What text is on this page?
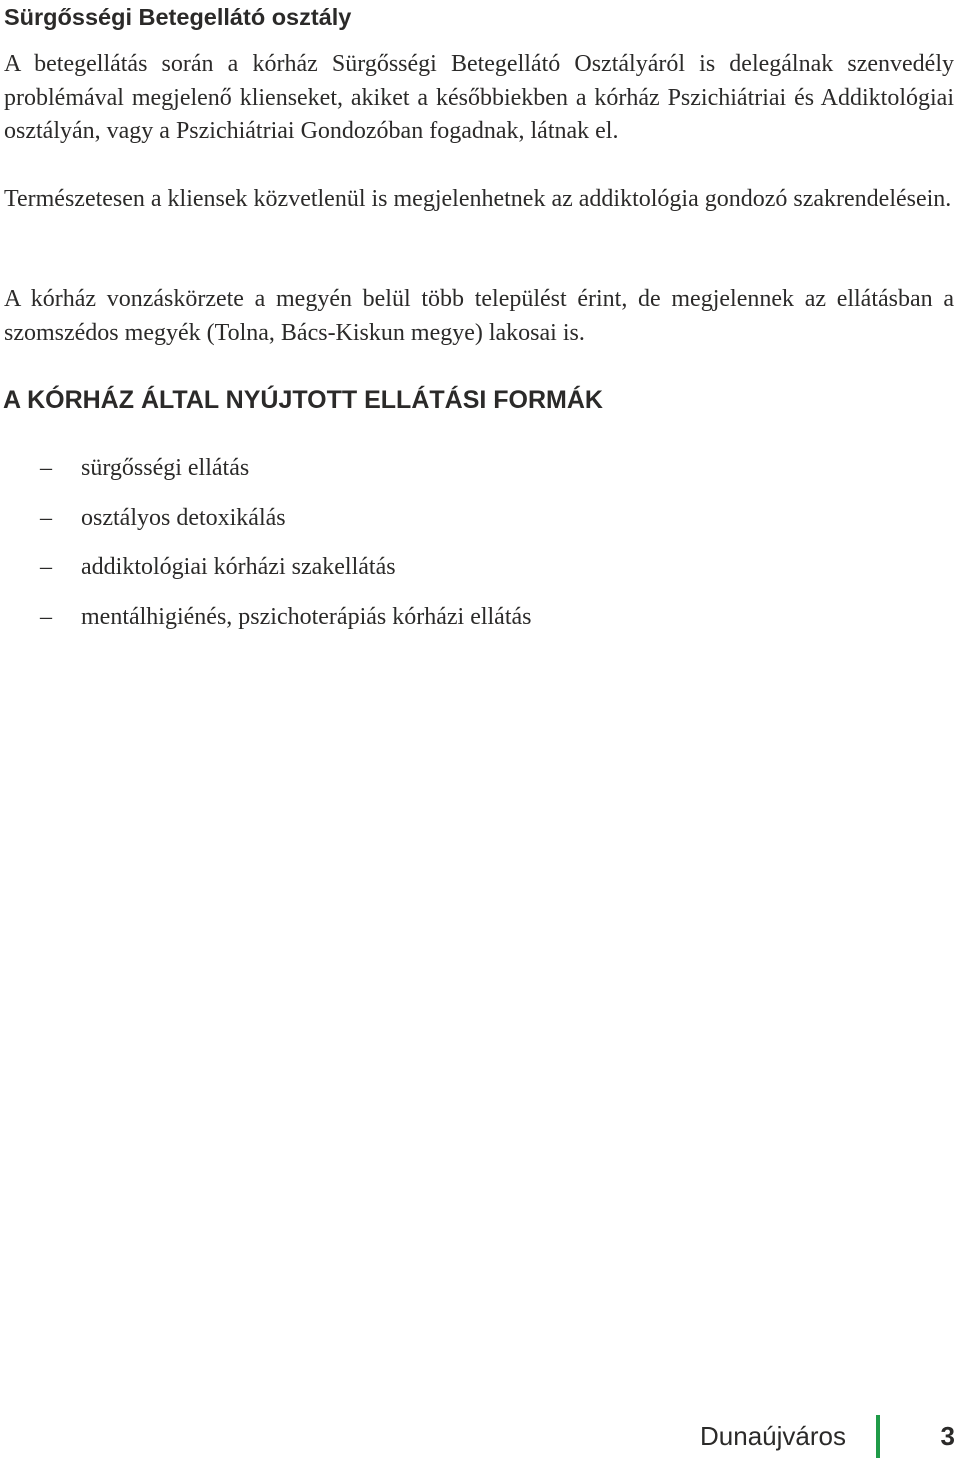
Sürgősségi Betegellátó osztály

A betegellátás során a kórház Sürgősségi Betegellátó Osztályáról is delegálnak szenvedély problémával megjelenő klienseket, akiket a későbbiekben a kórház Pszichiátriai és Addiktológiai osztályán, vagy a Pszichiátriai Gondozóban fogadnak, látnak el.

Természetesen a kliensek közvetlenül is megjelenhetnek az addiktológia gondozó szakrendelésein.

A kórház vonzáskörzete a megyén belül több települést érint, de megjelennek az ellátásban a szomszédos megyék (Tolna, Bács-Kiskun megye) lakosai is.

A KÓRHÁZ ÁLTAL NYÚJTOTT ELLÁTÁSI FORMÁK
– sürgősségi ellátás
– osztályos detoxikálás
– addiktológiai kórházi szakellátás
– mentálhigiénés, pszichoterápiás kórházi ellátás
Dunaújváros	3
